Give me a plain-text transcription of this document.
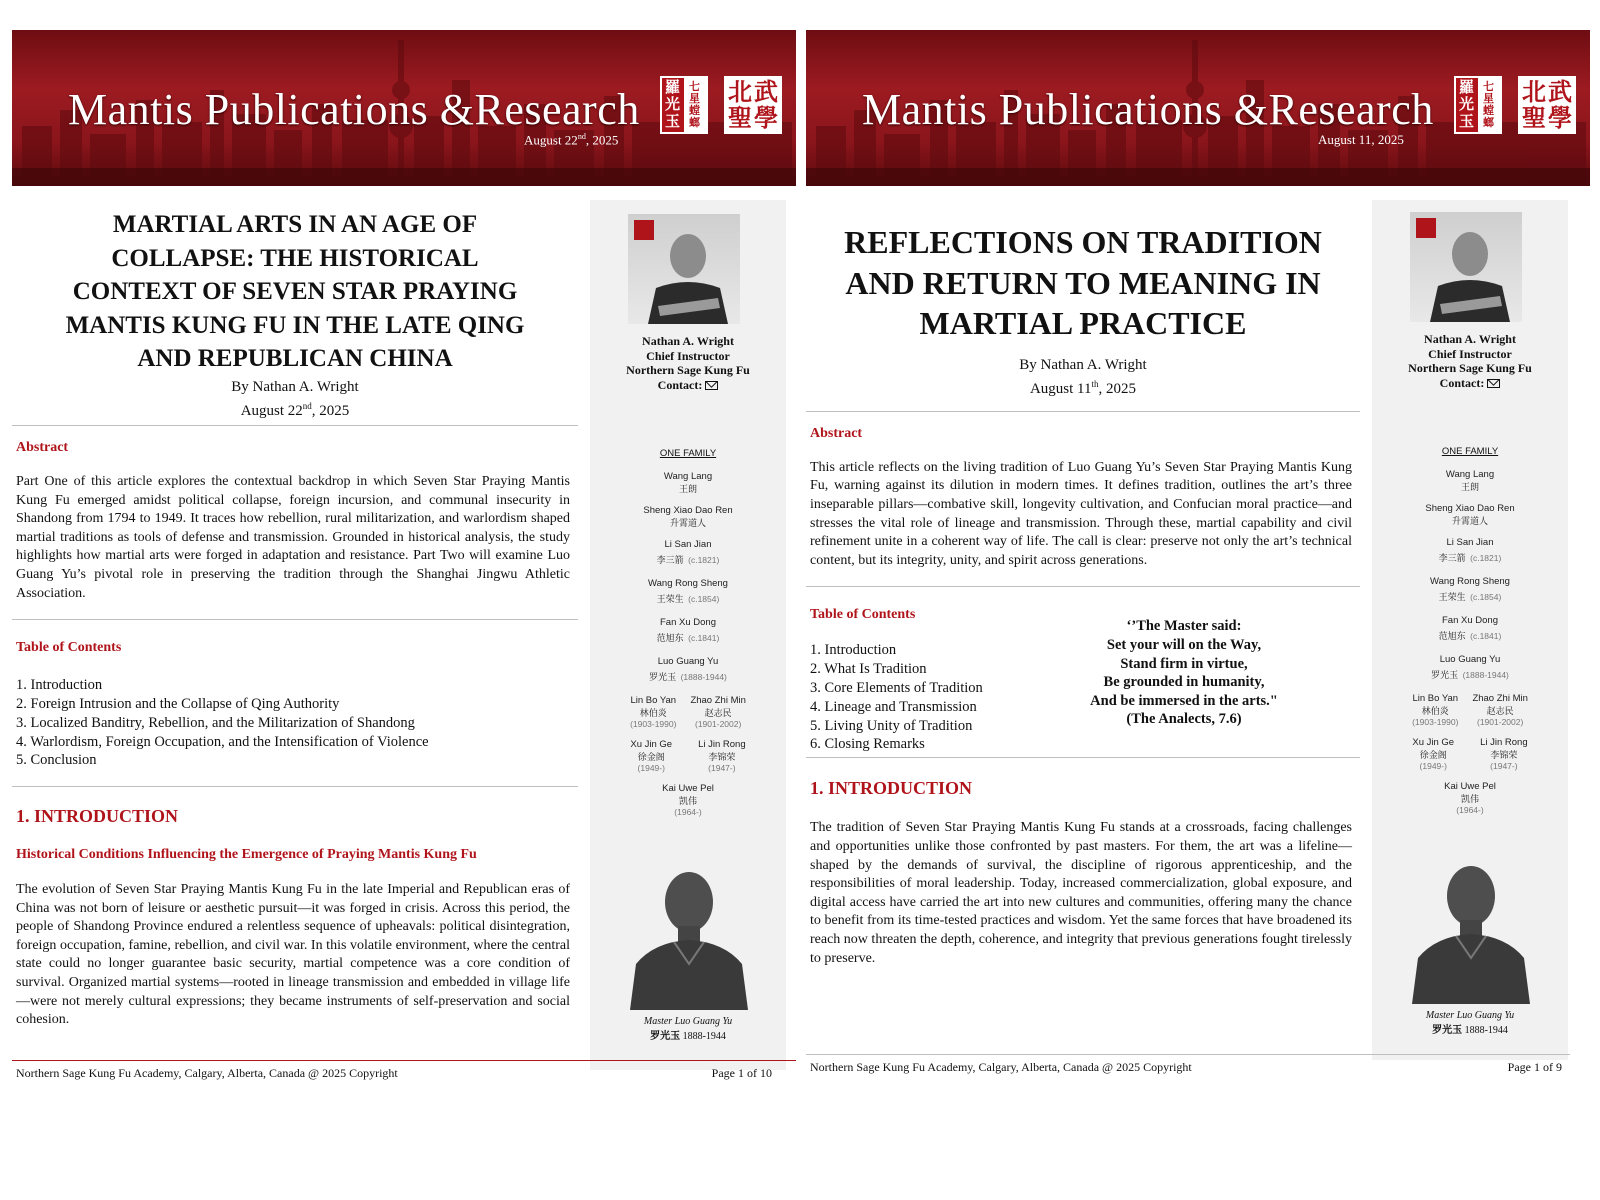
Mantis Publications &Research
August 22nd, 2025
羅
光
玉
七
星
螳
螂
北 武
聖 學
MARTIAL ARTS IN AN AGE OF
COLLAPSE: THE HISTORICAL
CONTEXT OF SEVEN STAR PRAYING
MANTIS KUNG FU IN THE LATE QING
AND REPUBLICAN CHINA
By Nathan A. Wright
August 22nd, 2025
Abstract

Part One of this article explores the contextual backdrop in which Seven Star Praying Mantis Kung Fu emerged amidst political collapse, foreign incursion, and communal insecurity in Shandong from 1794 to 1949. It traces how rebellion, rural militarization, and warlordism shaped martial traditions as tools of defense and transmission. Grounded in historical analysis, the study highlights how martial arts were forged in adaptation and resistance. Part Two will examine Luo Guang Yu’s pivotal role in preserving the tradition through the Shanghai Jingwu Athletic Association.

Table of Contents
1. Introduction
2. Foreign Intrusion and the Collapse of Qing Authority
3. Localized Banditry, Rebellion, and the Militarization of Shandong
4. Warlordism, Foreign Occupation, and the Intensification of Violence
5. Conclusion
1. INTRODUCTION
Historical Conditions Influencing the Emergence of Praying Mantis Kung Fu

The evolution of Seven Star Praying Mantis Kung Fu in the late Imperial and Republican eras of China was not born of leisure or aesthetic pursuit—it was forged in crisis. Across this period, the people of Shandong Province endured a relentless sequence of upheavals: political disintegration, foreign occupation, famine, rebellion, and civil war. In this volatile environment, where the central state could no longer guarantee basic security, martial competence was a core condition of survival. Organized martial systems—rooted in lineage transmission and embedded in village life—were not merely cultural expressions; they became instruments of self-preservation and social cohesion.

Nathan A. Wright
Chief Instructor
Northern Sage Kung Fu
Contact:
ONE FAMILY
Wang Lang
王朗
Sheng Xiao Dao Ren
升霄道人
Li San Jian
李三箭 (c.1821)
Wang Rong Sheng
王荣生 (c.1854)
Fan Xu Dong
范旭东 (c.1841)
Luo Guang Yu
罗光玉 (1888-1944)
Lin Bo Yan
林伯炎
(1903-1990)
Zhao Zhi Min
赵志民
(1901-2002)
Xu Jin Ge
徐金阁
(1949-)
Li Jin Rong
李锦荣
(1947-)
Kai Uwe Pel
凯伟
(1964-)
Master Luo Guang Yu
罗光玉 1888-1944
Northern Sage Kung Fu Academy, Calgary, Alberta, Canada @ 2025 Copyright	Page 1 of 10
Mantis Publications &Research
August 11, 2025
羅
光
玉
七
星
螳
螂
北 武
聖 學
REFLECTIONS ON TRADITION
AND RETURN TO MEANING IN
MARTIAL PRACTICE
By Nathan A. Wright
August 11th, 2025
Abstract

This article reflects on the living tradition of Luo Guang Yu’s Seven Star Praying Mantis Kung Fu, warning against its dilution in modern times. It defines tradition, outlines the art’s three inseparable pillars—combative skill, longevity cultivation, and Confucian moral practice—and stresses the vital role of lineage and transmission. Through these, martial capability and civil refinement unite in a coherent way of life. The call is clear: preserve not only the art’s technical content, but its integrity, unity, and spirit across generations.

Table of Contents
1. Introduction
2. What Is Tradition
3. Core Elements of Tradition
4. Lineage and Transmission
5. Living Unity of Tradition
6. Closing Remarks
‘’The Master said:
Set your will on the Way,
Stand firm in virtue,
Be grounded in humanity,
And be immersed in the arts."
(The Analects, 7.6)
1. INTRODUCTION

The tradition of Seven Star Praying Mantis Kung Fu stands at a crossroads, facing challenges and opportunities unlike those confronted by past masters. For them, the art was a lifeline—shaped by the demands of survival, the discipline of rigorous apprenticeship, and the responsibilities of moral leadership. Today, increased commercialization, global exposure, and digital access have carried the art into new cultures and communities, offering many the chance to benefit from its time-tested practices and wisdom. Yet the same forces that have broadened its reach now threaten the depth, coherence, and integrity that previous generations fought tirelessly to preserve.

Nathan A. Wright
Chief Instructor
Northern Sage Kung Fu
Contact:
ONE FAMILY
Wang Lang
王朗
Sheng Xiao Dao Ren
升霄道人
Li San Jian
李三箭 (c.1821)
Wang Rong Sheng
王荣生 (c.1854)
Fan Xu Dong
范旭东 (c.1841)
Luo Guang Yu
罗光玉 (1888-1944)
Lin Bo Yan
林伯炎
(1903-1990)
Zhao Zhi Min
赵志民
(1901-2002)
Xu Jin Ge
徐金阁
(1949-)
Li Jin Rong
李锦荣
(1947-)
Kai Uwe Pel
凯伟
(1964-)
Master Luo Guang Yu
罗光玉 1888-1944
Northern Sage Kung Fu Academy, Calgary, Alberta, Canada @ 2025 Copyright	Page 1 of 9
